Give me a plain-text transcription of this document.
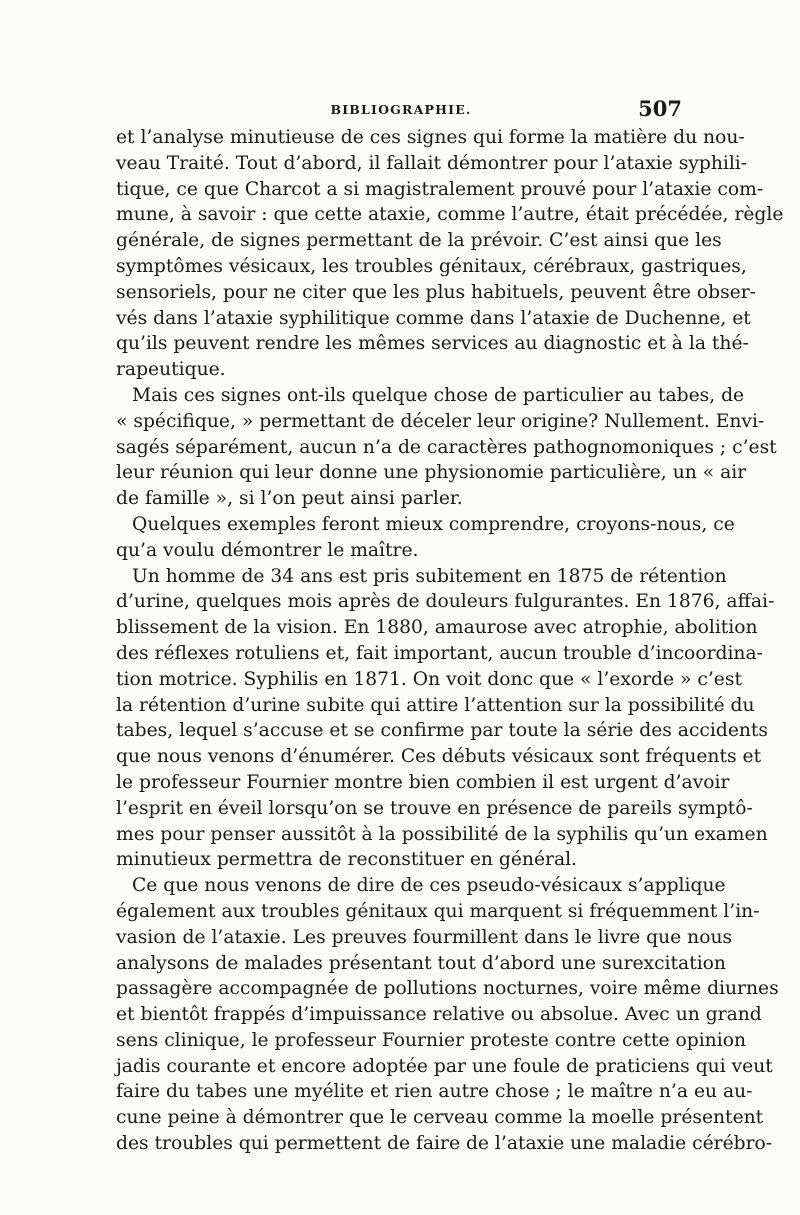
BIBLIOGRAPHIE.	507
et l’analyse minutieuse de ces signes qui forme la matière du nou-
veau Traité. Tout d’abord, il fallait démontrer pour l’ataxie syphili-
tique, ce que Charcot a si magistralement prouvé pour l’ataxie com-
mune, à savoir : que cette ataxie, comme l’autre, était précédée, règle
générale, de signes permettant de la prévoir. C’est ainsi que les
symptômes vésicaux, les troubles génitaux, cérébraux, gastriques,
sensoriels, pour ne citer que les plus habituels, peuvent être obser-
vés dans l’ataxie syphilitique comme dans l’ataxie de Duchenne, et
qu’ils peuvent rendre les mêmes services au diagnostic et à la thé-
rapeutique.
Mais ces signes ont-ils quelque chose de particulier au tabes, de
« spécifique, » permettant de déceler leur origine? Nullement. Envi-
sagés séparément, aucun n’a de caractères pathognomoniques ; c’est
leur réunion qui leur donne une physionomie particulière, un « air
de famille », si l’on peut ainsi parler.
Quelques exemples feront mieux comprendre, croyons-nous, ce
qu’a voulu démontrer le maître.
Un homme de 34 ans est pris subitement en 1875 de rétention
d’urine, quelques mois après de douleurs fulgurantes. En 1876, affai-
blissement de la vision. En 1880, amaurose avec atrophie, abolition
des réflexes rotuliens et, fait important, aucun trouble d’incoordina-
tion motrice. Syphilis en 1871. On voit donc que « l’exorde » c’est
la rétention d’urine subite qui attire l’attention sur la possibilité du
tabes, lequel s’accuse et se confirme par toute la série des accidents
que nous venons d’énumérer. Ces débuts vésicaux sont fréquents et
le professeur Fournier montre bien combien il est urgent d’avoir
l’esprit en éveil lorsqu’on se trouve en présence de pareils symptô-
mes pour penser aussitôt à la possibilité de la syphilis qu’un examen
minutieux permettra de reconstituer en général.
Ce que nous venons de dire de ces pseudo-vésicaux s’applique
également aux troubles génitaux qui marquent si fréquemment l’in-
vasion de l’ataxie. Les preuves fourmillent dans le livre que nous
analysons de malades présentant tout d’abord une surexcitation
passagère accompagnée de pollutions nocturnes, voire même diurnes
et bientôt frappés d’impuissance relative ou absolue. Avec un grand
sens clinique, le professeur Fournier proteste contre cette opinion
jadis courante et encore adoptée par une foule de praticiens qui veut
faire du tabes une myélite et rien autre chose ; le maître n’a eu au-
cune peine à démontrer que le cerveau comme la moelle présentent
des troubles qui permettent de faire de l’ataxie une maladie cérébro-
